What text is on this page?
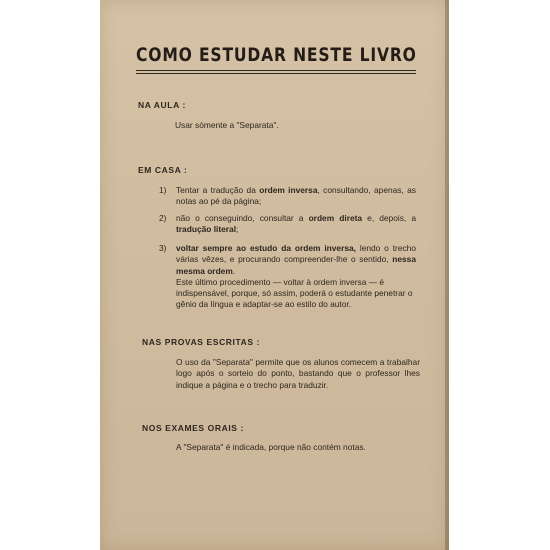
COMO ESTUDAR NESTE LIVRO
NA AULA :
Usar sòmente a "Separata".
EM CASA :
1) Tentar a tradução da ordem inversa, consultando, apenas, as notas ao pé da página;
2) não o conseguindo, consultar a ordem direta e, depois, a tradução literal;
3) voltar sempre ao estudo da ordem inversa, lendo o trecho várias vêzes, e procurando compreender-lhe o sentido, nessa mesma ordem.
Este último procedimento — voltar à ordem inversa — é indispensável, porque, só assim, poderá o estudante penetrar o gênio da língua e adaptar-se ao estilo do autor.
NAS PROVAS ESCRITAS :
O uso da "Separata" permite que os alunos comecem a trabalhar logo após o sorteio do ponto, bastando que o professor lhes indique a página e o trecho para traduzir.
NOS EXAMES ORAIS :
A "Separata" é indicada, porque não contém notas.
